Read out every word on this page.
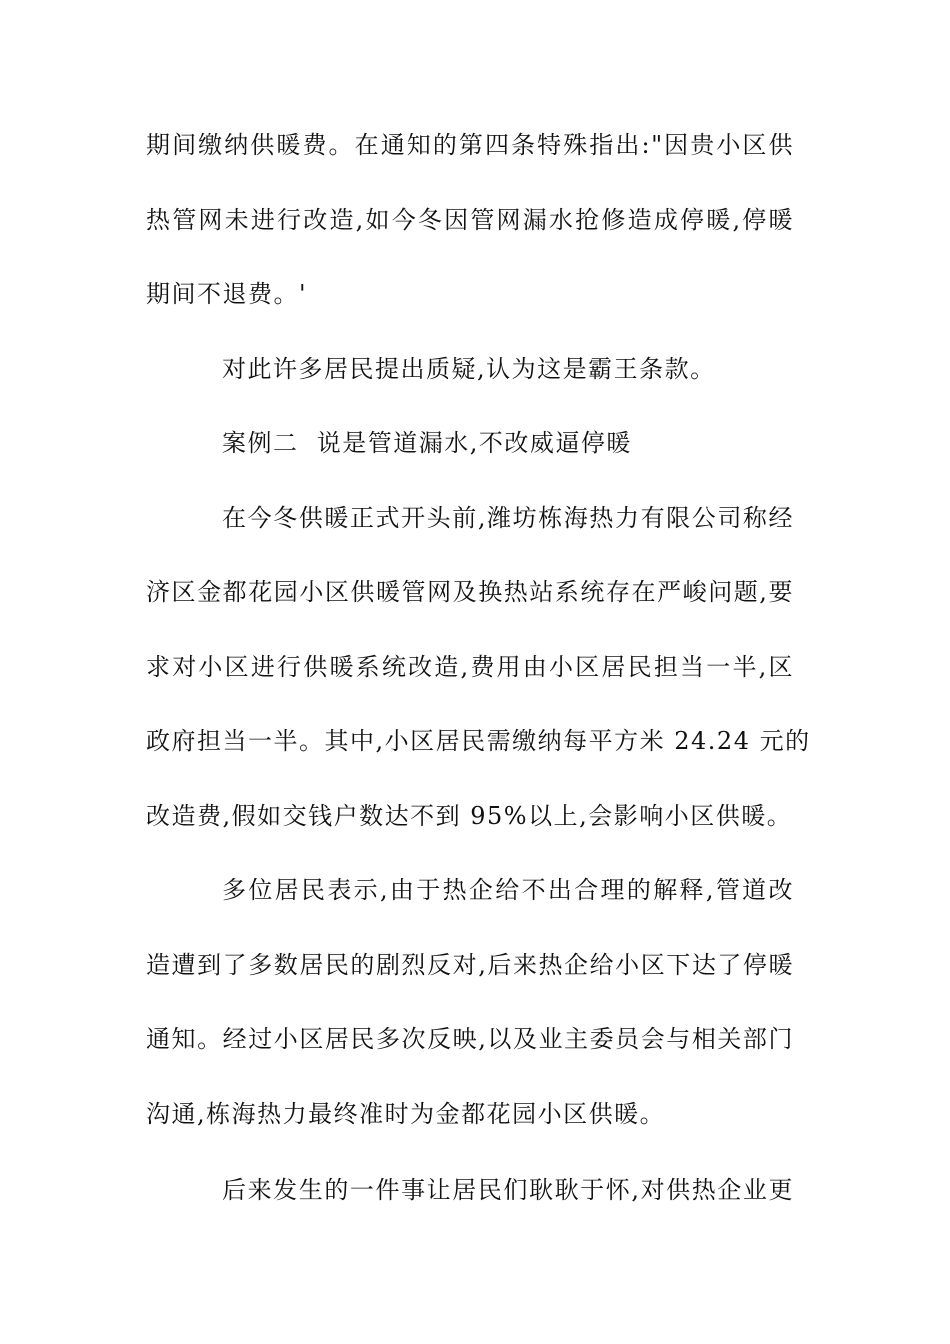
期间缴纳供暖费。在通知的第四条特殊指出:"因贵小区供
热管网未进行改造,如今冬因管网漏水抢修造成停暖,停暖
期间不退费。'
对此许多居民提出质疑,认为这是霸王条款。
案例二  说是管道漏水,不改威逼停暖
在今冬供暖正式开头前,潍坊栋海热力有限公司称经
济区金都花园小区供暖管网及换热站系统存在严峻问题,要
求对小区进行供暖系统改造,费用由小区居民担当一半,区
政府担当一半。其中,小区居民需缴纳每平方米 24.24 元的
改造费,假如交钱户数达不到 95%以上,会影响小区供暖。
多位居民表示,由于热企给不出合理的解释,管道改
造遭到了多数居民的剧烈反对,后来热企给小区下达了停暖
通知。经过小区居民多次反映,以及业主委员会与相关部门
沟通,栋海热力最终准时为金都花园小区供暖。
后来发生的一件事让居民们耿耿于怀,对供热企业更
